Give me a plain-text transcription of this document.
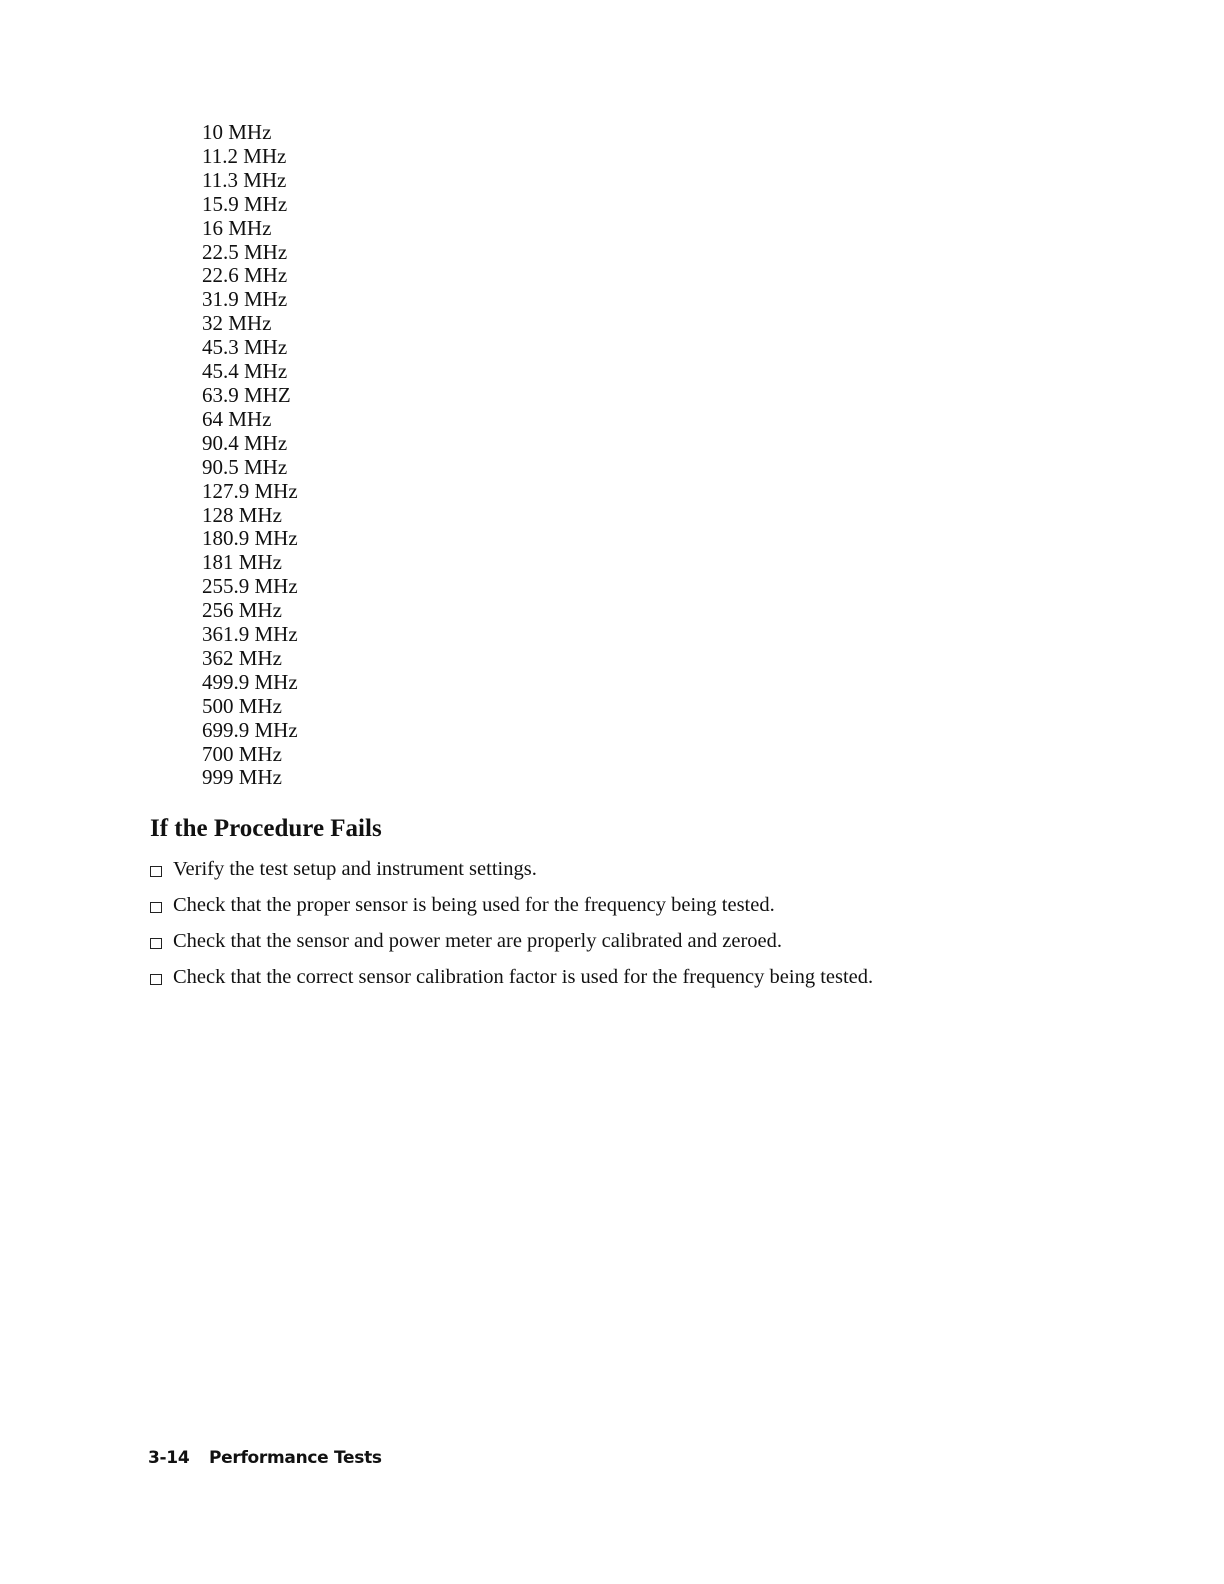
10 MHz
11.2 MHz
11.3 MHz
15.9 MHz
16 MHz
22.5 MHz
22.6 MHz
31.9 MHz
32 MHz
45.3 MHz
45.4 MHz
63.9 MHZ
64 MHz
90.4 MHz
90.5 MHz
127.9 MHz
128 MHz
180.9 MHz
181 MHz
255.9 MHz
256 MHz
361.9 MHz
362 MHz
499.9 MHz
500 MHz
699.9 MHz
700 MHz
999 MHz
If the Procedure Fails
Verify the test setup and instrument settings.
Check that the proper sensor is being used for the frequency being tested.
Check that the sensor and power meter are properly calibrated and zeroed.
Check that the correct sensor calibration factor is used for the frequency being tested.
3-14 Performance Tests
